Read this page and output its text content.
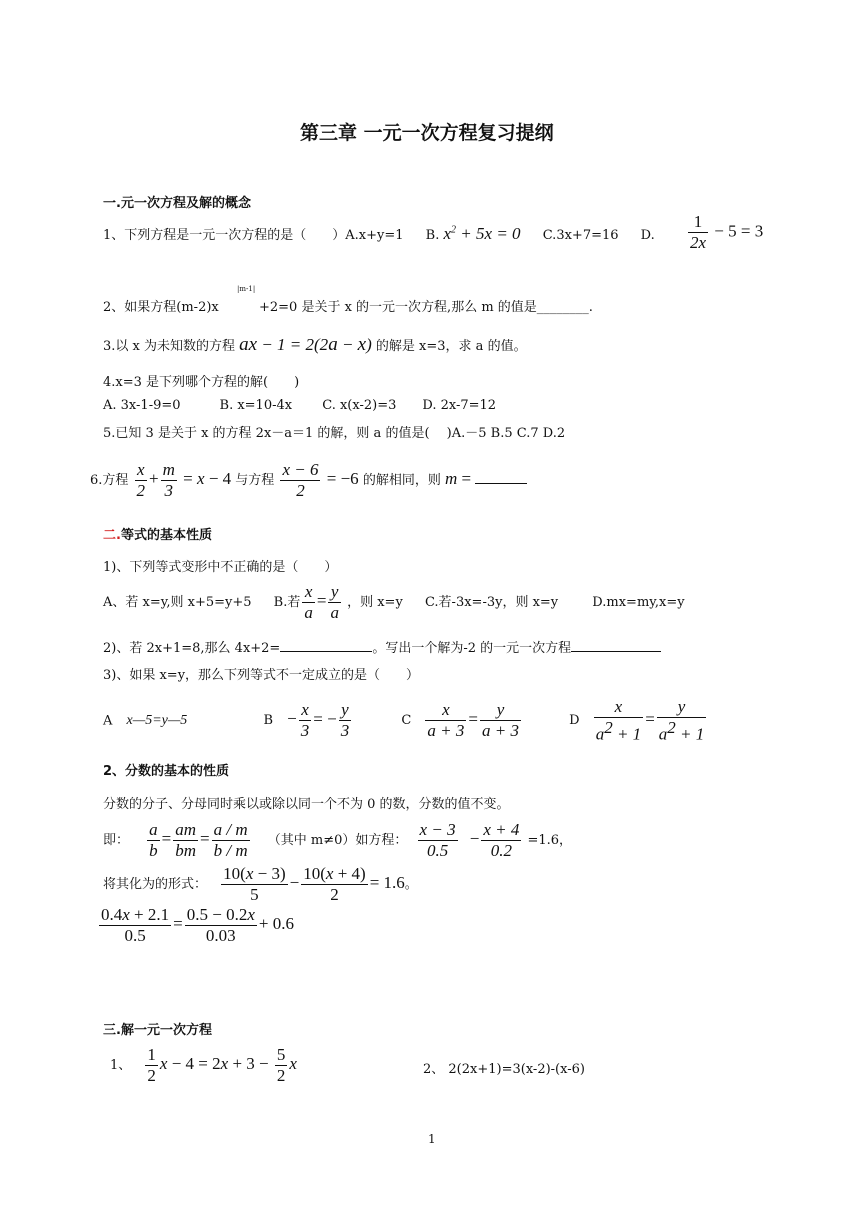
第三章 一元一次方程复习提纲
一.元一次方程及解的概念
1、下列方程是一元一次方程的是（　　）A.x+y=1 B. $x^2 + 5x = 0$ C.3x+7=16 D. $\frac{1}{2x} - 5 = 3$
2、如果方程(m-2)x
|m-1|
+2=0 是关于 x 的一元一次方程,那么 m 的值是________.
3.以 x 为未知数的方程 ax − 1 = 2(2a − x) 的解是 x=3，求 a 的值。
4.x=3 是下列哪个方程的解(　　)
A. 3x-1-9=0　　　B. x=10-4x　　 C. x(x-2)=3　　D. 2x-7=12
5.已知 3 是关于 x 的方程 2x－a＝1 的解，则 a 的值是(　 )A.－5 B.5 C.7 D.2
6.方程 $\frac{x}{2} + \frac{m}{3} = x - 4$ 与方程 $\frac{x - 6}{2} = -6$ 的解相同，则 m =
二.等式的基本性质
1)、下列等式变形中不正确的是（　　）
A、若 x=y,则 x+5=y+5 B.若 $\frac{x}{a} = \frac{y}{a}$ ，则 x=y C.若-3x=-3y，则 x=y	D.mx=my,x=y
2)、若 2x+1=8,那么 4x+2=	。写出一个解为-2 的一元一次方程
3)、如果 x=y，那么下列等式不一定成立的是（　　）
A x—5=y—5	$B - \frac{x}{3}$ = − $\frac{y}{3}$	C $\frac{x}{a + 3} = \frac{y}{a + 3}$	D $\frac{x}{a^2 + 1} = \frac{y}{a^2 + 1}$
2、分数的基本的性质
分数的分子、分母同时乘以或除以同一个不为 0 的数，分数的值不变。
即： $\frac{a}{b} = \frac{am}{bm} = \frac{a / m}{b / m}$ （其中 m≠0）如方程： $\frac{x - 3}{0.5} - \frac{x + 4}{0.2} =1.6$，
将其化为的形式： $\frac{10(x - 3)}{5} - \frac{10(x + 4)}{2} = 1.6$。
$\frac{0.4x + 2.1}{0.5} = \frac{0.5 - 0.2x}{0.03} + 0.6$
三.解一元一次方程
1、 $\frac{1}{2}$ $x - 4 = 2x + 3 - \frac{5}{2}$ x	2、 2(2x+1)=3(x-2)-(x-6)
1
